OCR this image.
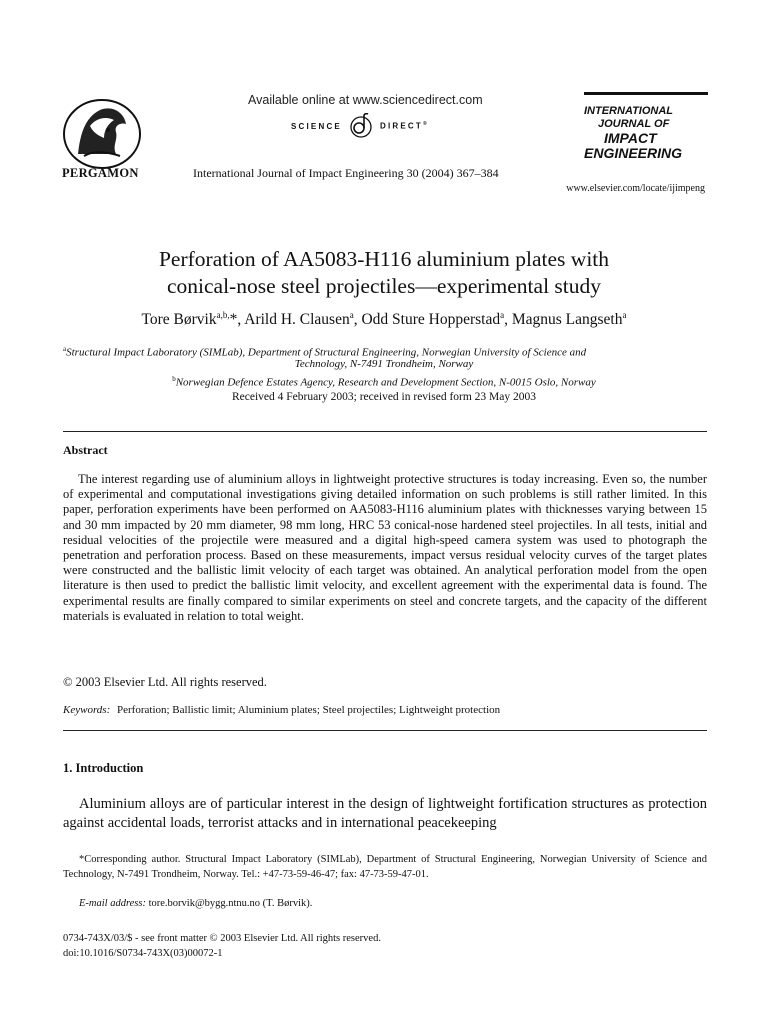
PERGAMON
Available online at www.sciencedirect.com
SCIENCE	DIRECT®
International Journal of Impact Engineering 30 (2004) 367–384
INTERNATIONAL
JOURNAL OF
IMPACT
ENGINEERING
www.elsevier.com/locate/ijimpeng
Perforation of AA5083-H116 aluminium plates with
conical-nose steel projectiles—experimental study
Tore Børvik$^{a,b,}$*, Arild H. Clausen$^a$, Odd Sture Hopperstad$^a$, Magnus Langseth$^a$
$^a$Structural Impact Laboratory (SIMLab), Department of Structural Engineering, Norwegian University of Science and
Technology, N-7491 Trondheim, Norway
$^b$Norwegian Defence Estates Agency, Research and Development Section, N-0015 Oslo, Norway
Received 4 February 2003; received in revised form 23 May 2003
Abstract
The interest regarding use of aluminium alloys in lightweight protective structures is today increasing. Even so, the number of experimental and computational investigations giving detailed information on such problems is still rather limited. In this paper, perforation experiments have been performed on AA5083-H116 aluminium plates with thicknesses varying between 15 and 30 mm impacted by 20 mm diameter, 98 mm long, HRC 53 conical-nose hardened steel projectiles. In all tests, initial and residual velocities of the projectile were measured and a digital high-speed camera system was used to photograph the penetration and perforation process. Based on these measurements, impact versus residual velocity curves of the target plates were constructed and the ballistic limit velocity of each target was obtained. An analytical perforation model from the open literature is then used to predict the ballistic limit velocity, and excellent agreement with the experimental data is found. The experimental results are finally compared to similar experiments on steel and concrete targets, and the capacity of the different materials is evaluated in relation to total weight.
© 2003 Elsevier Ltd. All rights reserved.
Keywords: Perforation; Ballistic limit; Aluminium plates; Steel projectiles; Lightweight protection
1. Introduction
Aluminium alloys are of particular interest in the design of lightweight fortification structures as protection against accidental loads, terrorist attacks and in international peacekeeping
*Corresponding author. Structural Impact Laboratory (SIMLab), Department of Structural Engineering, Norwegian University of Science and Technology, N-7491 Trondheim, Norway. Tel.: +47-73-59-46-47; fax: 47-73-59-47-01.
E-mail address: tore.borvik@bygg.ntnu.no (T. Børvik).
0734-743X/03/$ - see front matter © 2003 Elsevier Ltd. All rights reserved.
doi:10.1016/S0734-743X(03)00072-1
